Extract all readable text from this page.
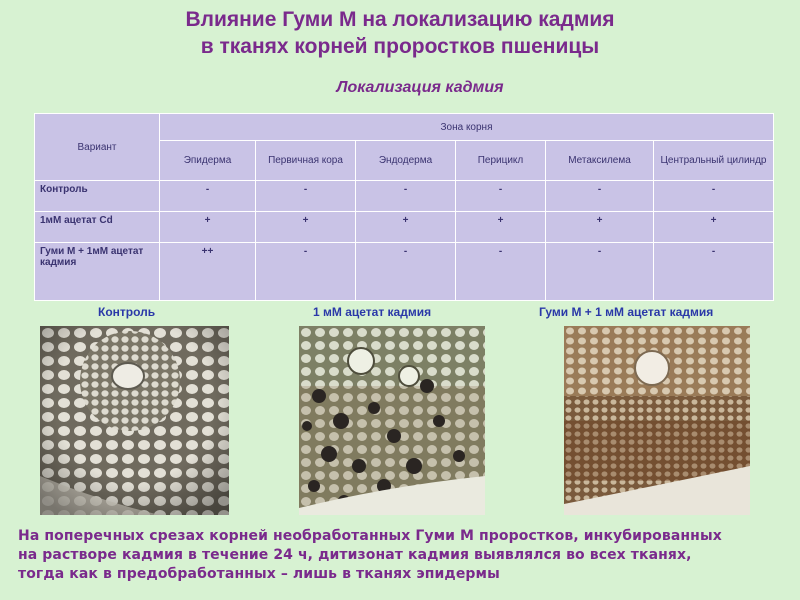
Влияние Гуми М на локализацию кадмия
в тканях корней проростков пшеницы
Локализация кадмия
Вариант	Зона корня					
	Эпидерма	Первичная кора	Эндодерма	Перицикл	Метаксилема	Центральный цилиндр
Контроль	-	-	-	-	-	-
1мМ ацетат Cd	+	+	+	+	+	+
Гуми М + 1мМ ацетат кадмия	++	-	-	-	-	-
Контроль	1 мМ ацетат кадмия	Гуми М + 1 мМ ацетат кадмия
На поперечных срезах корней необработанных Гуми М проростков, инкубированных
на растворе кадмия в течение 24 ч, дитизонат кадмия выявлялся во всех тканях,
тогда как в предобработанных – лишь в тканях эпидермы
